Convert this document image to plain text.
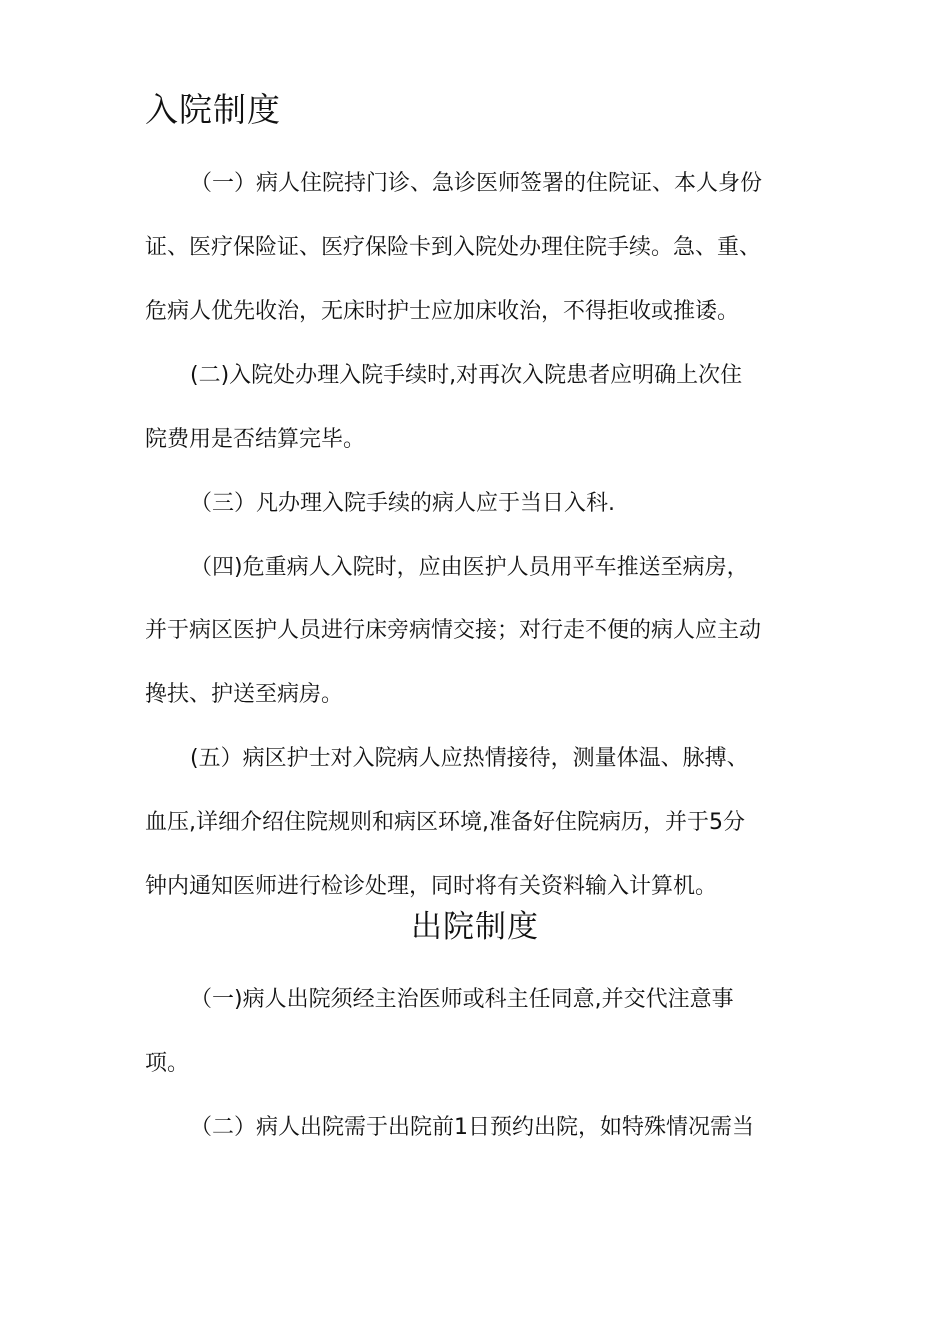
入院制度
（一）病人住院持门诊、急诊医师签署的住院证、本人身份
证、医疗保险证、医疗保险卡到入院处办理住院手续。急、重、
危病人优先收治，无床时护士应加床收治，不得拒收或推诿。
(二)入院处办理入院手续时,对再次入院患者应明确上次住
院费用是否结算完毕。
（三）凡办理入院手续的病人应于当日入科.
（四)危重病人入院时，应由医护人员用平车推送至病房，
并于病区医护人员进行床旁病情交接；对行走不便的病人应主动
搀扶、护送至病房。
(五）病区护士对入院病人应热情接待，测量体温、脉搏、
血压,详细介绍住院规则和病区环境,准备好住院病历，并于5分
钟内通知医师进行检诊处理，同时将有关资料输入计算机。
出院制度
（一)病人出院须经主治医师或科主任同意,并交代注意事
项。
（二）病人出院需于出院前1日预约出院，如特殊情况需当
